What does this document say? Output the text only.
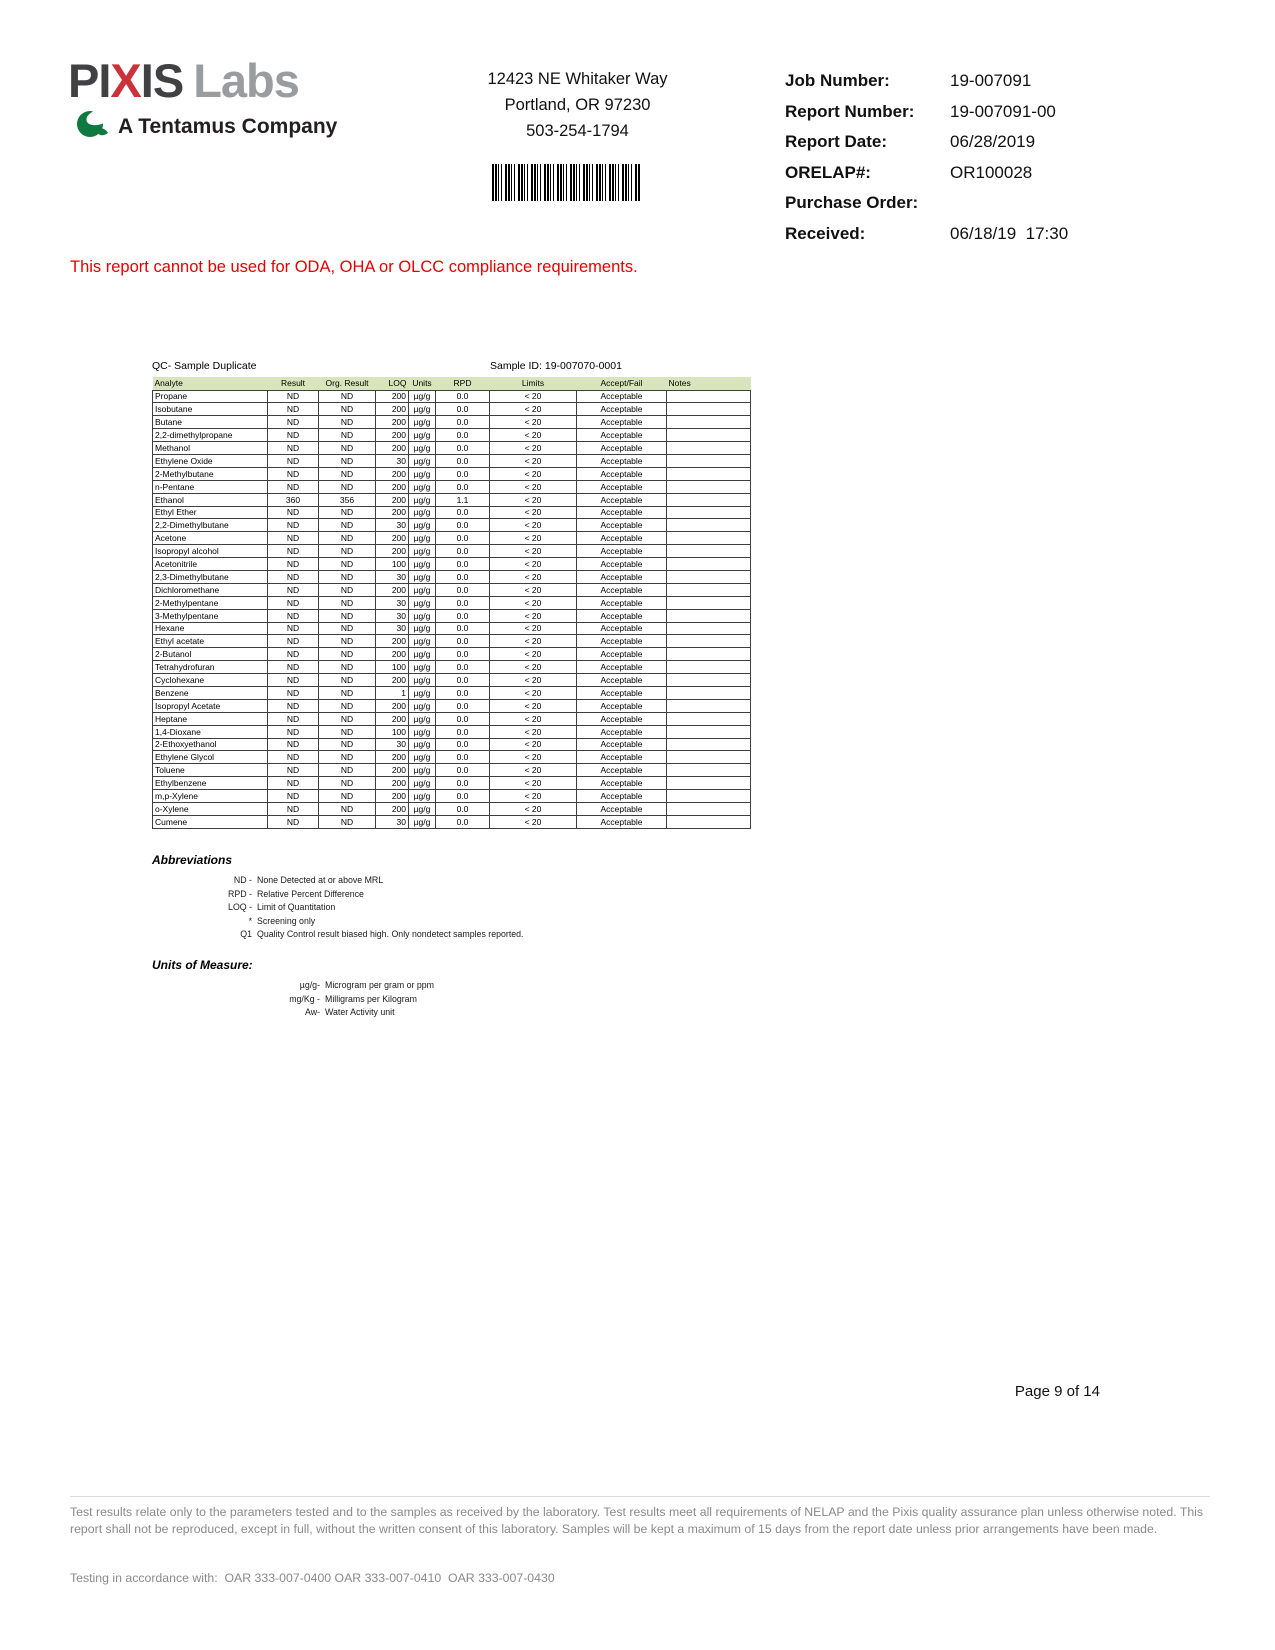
PIXIS Labs
A Tentamus Company
12423 NE Whitaker Way
Portland, OR 97230
503-254-1794
Job Number:	19-007091
Report Number:	19-007091-00
Report Date:	06/28/2019
ORELAP#:	OR100028
Purchase Order:
Received:	06/18/19  17:30
This report cannot be used for ODA, OHA or OLCC compliance requirements.
QC- Sample Duplicate	Sample ID: 19-007070-0001
Analyte	Result	Org. Result	LOQ	Units	RPD	Limits	Accept/Fail	Notes
Propane	ND	ND	200	µg/g	0.0	< 20	Acceptable	
Isobutane	ND	ND	200	µg/g	0.0	< 20	Acceptable	
Butane	ND	ND	200	µg/g	0.0	< 20	Acceptable	
2,2-dimethylpropane	ND	ND	200	µg/g	0.0	< 20	Acceptable	
Methanol	ND	ND	200	µg/g	0.0	< 20	Acceptable	
Ethylene Oxide	ND	ND	30	µg/g	0.0	< 20	Acceptable	
2-Methylbutane	ND	ND	200	µg/g	0.0	< 20	Acceptable	
n-Pentane	ND	ND	200	µg/g	0.0	< 20	Acceptable	
Ethanol	360	356	200	µg/g	1.1	< 20	Acceptable	
Ethyl Ether	ND	ND	200	µg/g	0.0	< 20	Acceptable	
2,2-Dimethylbutane	ND	ND	30	µg/g	0.0	< 20	Acceptable	
Acetone	ND	ND	200	µg/g	0.0	< 20	Acceptable	
Isopropyl alcohol	ND	ND	200	µg/g	0.0	< 20	Acceptable	
Acetonitrile	ND	ND	100	µg/g	0.0	< 20	Acceptable	
2,3-Dimethylbutane	ND	ND	30	µg/g	0.0	< 20	Acceptable	
Dichloromethane	ND	ND	200	µg/g	0.0	< 20	Acceptable	
2-Methylpentane	ND	ND	30	µg/g	0.0	< 20	Acceptable	
3-Methylpentane	ND	ND	30	µg/g	0.0	< 20	Acceptable	
Hexane	ND	ND	30	µg/g	0.0	< 20	Acceptable	
Ethyl acetate	ND	ND	200	µg/g	0.0	< 20	Acceptable	
2-Butanol	ND	ND	200	µg/g	0.0	< 20	Acceptable	
Tetrahydrofuran	ND	ND	100	µg/g	0.0	< 20	Acceptable	
Cyclohexane	ND	ND	200	µg/g	0.0	< 20	Acceptable	
Benzene	ND	ND	1	µg/g	0.0	< 20	Acceptable	
Isopropyl Acetate	ND	ND	200	µg/g	0.0	< 20	Acceptable	
Heptane	ND	ND	200	µg/g	0.0	< 20	Acceptable	
1,4-Dioxane	ND	ND	100	µg/g	0.0	< 20	Acceptable	
2-Ethoxyethanol	ND	ND	30	µg/g	0.0	< 20	Acceptable	
Ethylene Glycol	ND	ND	200	µg/g	0.0	< 20	Acceptable	
Toluene	ND	ND	200	µg/g	0.0	< 20	Acceptable	
Ethylbenzene	ND	ND	200	µg/g	0.0	< 20	Acceptable	
m,p-Xylene	ND	ND	200	µg/g	0.0	< 20	Acceptable	
o-Xylene	ND	ND	200	µg/g	0.0	< 20	Acceptable	
Cumene	ND	ND	30	µg/g	0.0	< 20	Acceptable	
Abbreviations
ND - None Detected at or above MRL
RPD - Relative Percent Difference
LOQ - Limit of Quantitation
* Screening only
Q1 Quality Control result biased high. Only nondetect samples reported.
Units of Measure:
µg/g- Microgram per gram or ppm
mg/Kg - Milligrams per Kilogram
Aw- Water Activity unit
Page 9 of 14
Test results relate only to the parameters tested and to the samples as received by the laboratory. Test results meet all requirements of NELAP and the Pixis quality assurance plan unless otherwise noted. This report shall not be reproduced, except in full, without the written consent of this laboratory. Samples will be kept a maximum of 15 days from the report date unless prior arrangements have been made.
Testing in accordance with:  OAR 333-007-0400 OAR 333-007-0410  OAR 333-007-0430
